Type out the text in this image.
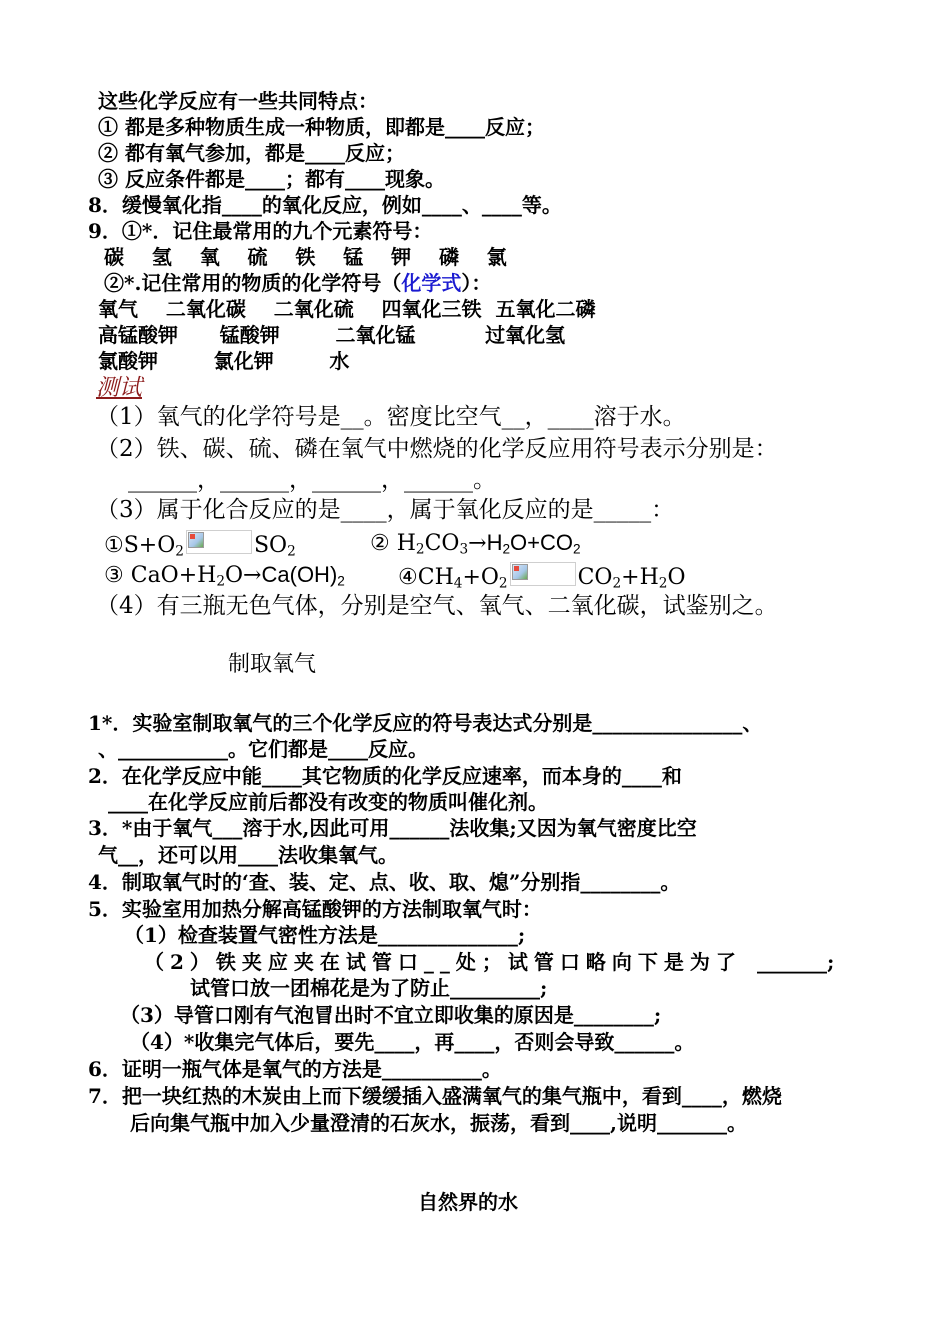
这些化学反应有一些共同特点：
① 都是多种物质生成一种物质，即都是____反应；
② 都有氧气参加，都是____反应；
③ 反应条件都是____；都有____现象。
8．缓慢氧化指____的氧化反应，例如____、____等。
9．①*．记住最常用的九个元素符号：
碳    氢    氧    硫    铁    锰    钾    磷    氯
②*.记住常用的物质的化学符号（化学式）：
氧气    二氧化碳    二氧化硫    四氧化三铁  五氧化二磷
高锰酸钾      锰酸钾        二氧化锰          过氧化氢
氯酸钾        氯化钾        水
测试
（1）氧气的化学符号是__。密度比空气__，____溶于水。
（2）铁、碳、硫、磷在氧气中燃烧的化学反应用符号表示分别是：
______，______，______，______。
（3）属于化合反应的是____，属于氧化反应的是_____：
$①S+O_2$	$SO_2$	② $H_2CO_3\to H_2O+CO_2$
③ $CaO+H_2O\to Ca(OH)_2$ $④CH_4+O_2$	$CO_2+H_2O$
（4）有三瓶无色气体，分别是空气、氧气、二氧化碳，试鉴别之。
制取氧气
1*．实验室制取氧气的三个化学反应的符号表达式分别是_______________、
、___________。它们都是____反应。
2．在化学反应中能____其它物质的化学反应速率，而本身的____和
____在化学反应前后都没有改变的物质叫催化剂。
3．*由于氧气___溶于水,因此可用______法收集;又因为氧气密度比空
气__，还可以用____法收集氧气。
4．制取氧气时的‘查、装、定、点、收、取、熄”分别指________。
5．实验室用加热分解高锰酸钾的方法制取氧气时：
（1）检查装置气密性方法是______________;
（2）铁夹应夹在试管口__处；试管口略向下是为了 _______;
试管口放一团棉花是为了防止_________;
（3）导管口刚有气泡冒出时不宜立即收集的原因是________;
（4）*收集完气体后，要先____，再____，否则会导致______。
6．证明一瓶气体是氧气的方法是__________。
7．把一块红热的木炭由上而下缓缓插入盛满氧气的集气瓶中，看到____，燃烧
后向集气瓶中加入少量澄清的石灰水，振荡，看到____,说明_______。
自然界的水
